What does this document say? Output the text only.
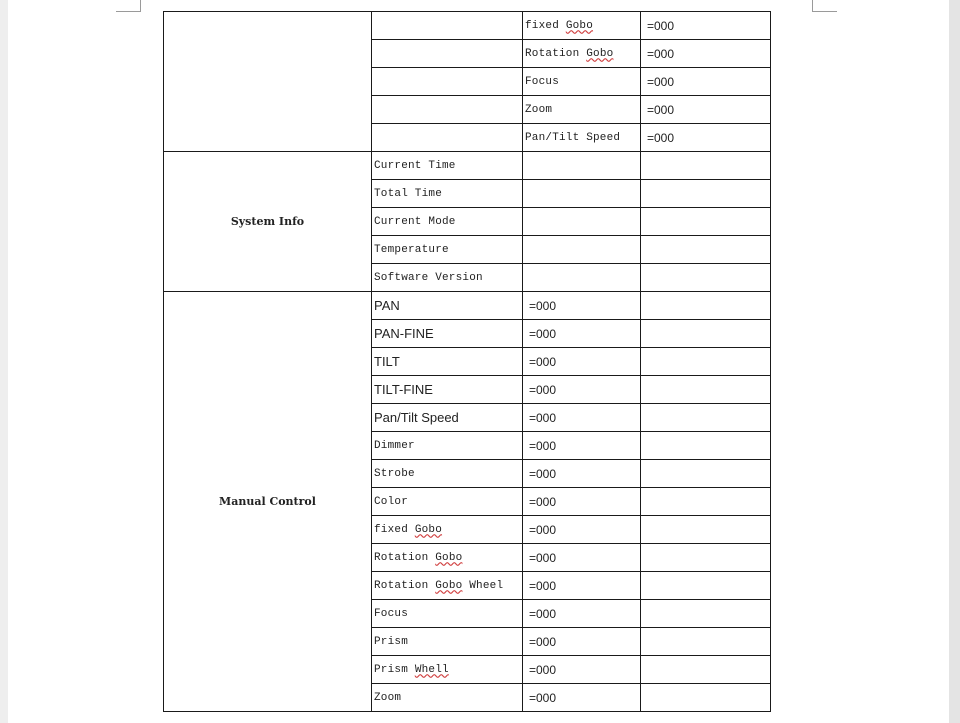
		fixed Gobo	=000
		Rotation Gobo	=000
		Focus	=000
		Zoom	=000
		Pan/Tilt Speed	=000
System Info	Current Time		
	Total Time		
	Current Mode		
	Temperature		
	Software Version		
Manual Control	PAN	=000	
	PAN-FINE	=000	
	TILT	=000	
	TILT-FINE	=000	
	Pan/Tilt Speed	=000	
	Dimmer	=000	
	Strobe	=000	
	Color	=000	
	fixed Gobo	=000	
	Rotation Gobo	=000	
	Rotation Gobo Wheel	=000	
	Focus	=000	
	Prism	=000	
	Prism Whell	=000	
	Zoom	=000	
